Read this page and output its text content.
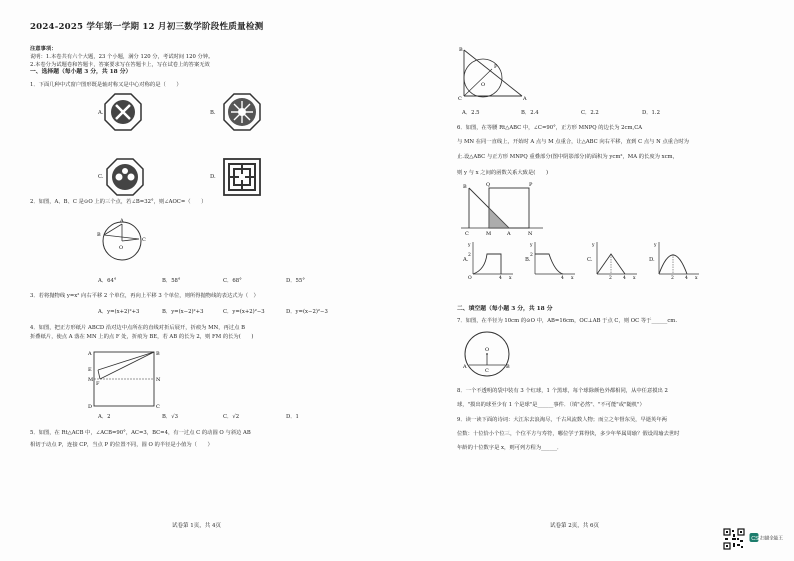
2024-2025 学年第一学期 12 月初三数学阶段性质量检测
注意事项：
说明：1.本卷共有六个大题，23 个小题，满分 120 分，考试时间 120 分钟。
2.本卷分为试题卷和答题卡，答案要求写在答题卡上，写在试卷上的答案无效
一、选择题（每小题 3 分，共 18 分）
1．下面几种中式窗户图形既是轴对称又是中心对称的是（　　）
A.	B.
C.	D.
2．如图，A、B、C 是⊙O 上的三个点，若∠B=32°，则∠AOC=（　　）
A
B
C
O
A．64°	B．58°	C．68°	D．55°
3．若将抛物线 y=x² 向右平移 2 个单位，再向上平移 3 个单位，则所得抛物线的表达式为（　）
A．y=(x+2)²+3	B．y=(x−2)²+3	C．y=(x+2)²−3	D．y=(x−2)²−3
4．如图，把正方形纸片 ABCD 沿对边中点所在的直线对折后展开，折痕为 MN，再过点 B
折叠纸片，使点 A 落在 MN 上的点 F 处，折痕为 BE，若 AB 的长为 2，则 FM 的长为(　　)
A
M
B
E
F
N
D	C
A．2	B．√3	C．√2	D．1
5．如图，在 Rt△ACB 中，∠ACB=90°，AC=3，BC=4，有一过点 C 的动圆 O 与斜边 AB
相切于动点 P，连接 CP，当点 P 的位置不同，圆 O 的半径是小值为（　　）
试卷第 1页，共 4页
B
P
O
C	A
A．2.5	B．2.4	C．2.2	D．1.2
6．如图，在等腰 Rt△ABC 中，∠C=90°，正方形 MNPQ 的边长为 2cm,CA
与 MN 在同一直线上，开始时 A 点与 M 点重合，让△ABC 向右平移，直到 C 点与 N 点重合时为
止.设△ABC 与正方形 MNPQ 重叠部分(图中阴影部分)的面积为 ycm²，MA 的长度为 xcm，
则 y 与 x 之间的函数关系大致是(　　)
B	Q	P
C	M	A	N
y
x
2
4
O
A.
y
x
2
4
B.
y
x
2 4
C.
y
x
2 4
D.
二、填空题（每小题 3 分，共 18 分
7．如图，在半径为 10cm 的⊙O 中，AB=16cm，OC⊥AB 于点 C，则 OC 等于______cm.
O
A
C
B
8．一个不透明的袋中装有 3 个红球，1 个黑球，每个球除颜色外都相同，从中任意摸出 2
球，"摸出的球至少有 1 个是球"是______事件．（填"必然"、"不可能"或"随机"）
9．读一读下面的诗词：大江东去浪淘尽，千古风流数人物；而立之年督东吴，早逝英年两
位数：十位恰小个位三，个位平方与寿符，哪位学子算得快，多少年华属周瑜？假设周瑜去世时
年龄的十位数字是 x，则可列方程为______．
试卷第 2页，共 6页
CS 扫描全能王
